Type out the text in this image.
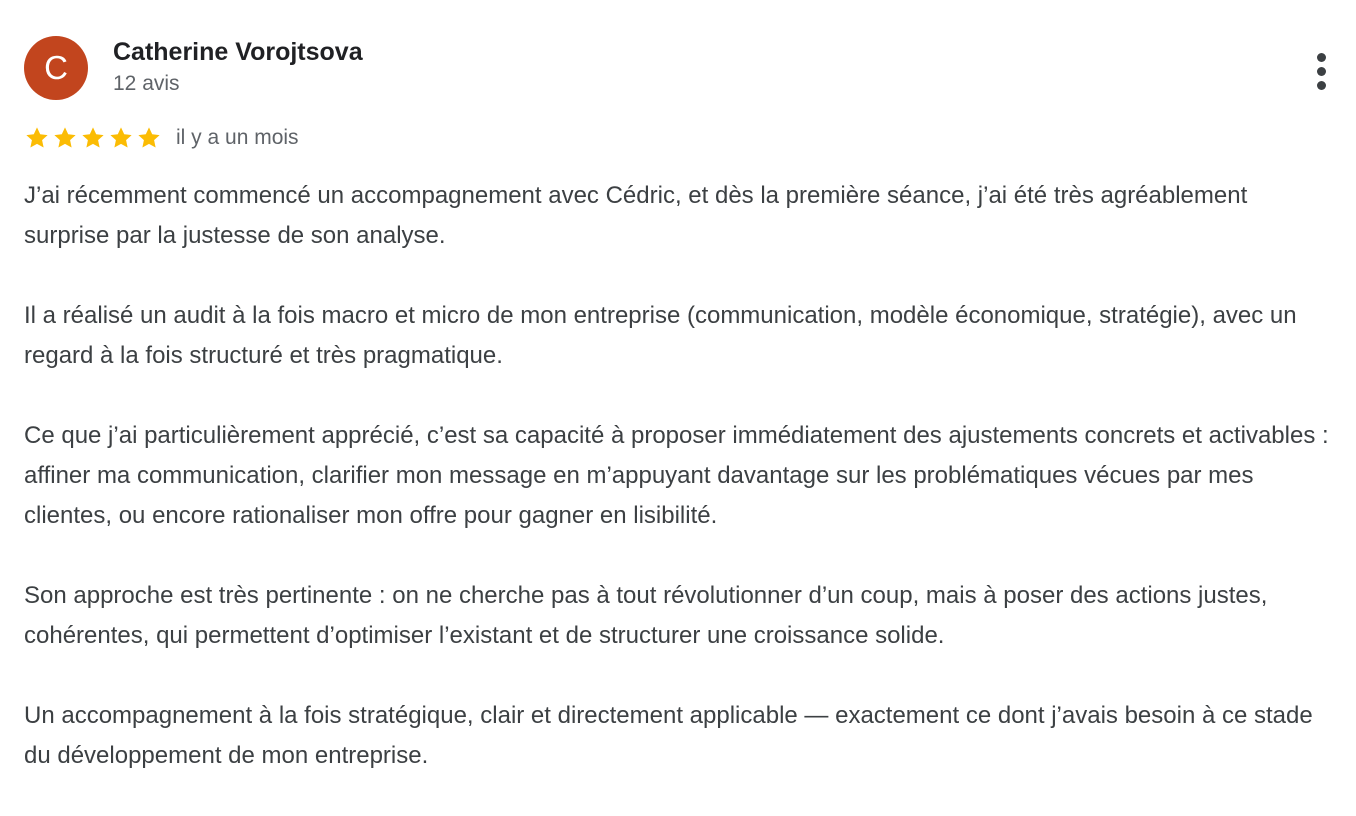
C	Catherine Vorojtsova
12 avis
il y a un mois

J’ai récemment commencé un accompagnement avec Cédric, et dès la première séance, j’ai été très agréablement surprise par la justesse de son analyse.

Il a réalisé un audit à la fois macro et micro de mon entreprise (communication, modèle économique, stratégie), avec un regard à la fois structuré et très pragmatique.

Ce que j’ai particulièrement apprécié, c’est sa capacité à proposer immédiatement des ajustements concrets et activables : affiner ma communication, clarifier mon message en m’appuyant davantage sur les problématiques vécues par mes clientes, ou encore rationaliser mon offre pour gagner en lisibilité.

Son approche est très pertinente : on ne cherche pas à tout révolutionner d’un coup, mais à poser des actions justes, cohérentes, qui permettent d’optimiser l’existant et de structurer une croissance solide.

Un accompagnement à la fois stratégique, clair et directement applicable — exactement ce dont j’avais besoin à ce stade du développement de mon entreprise.
